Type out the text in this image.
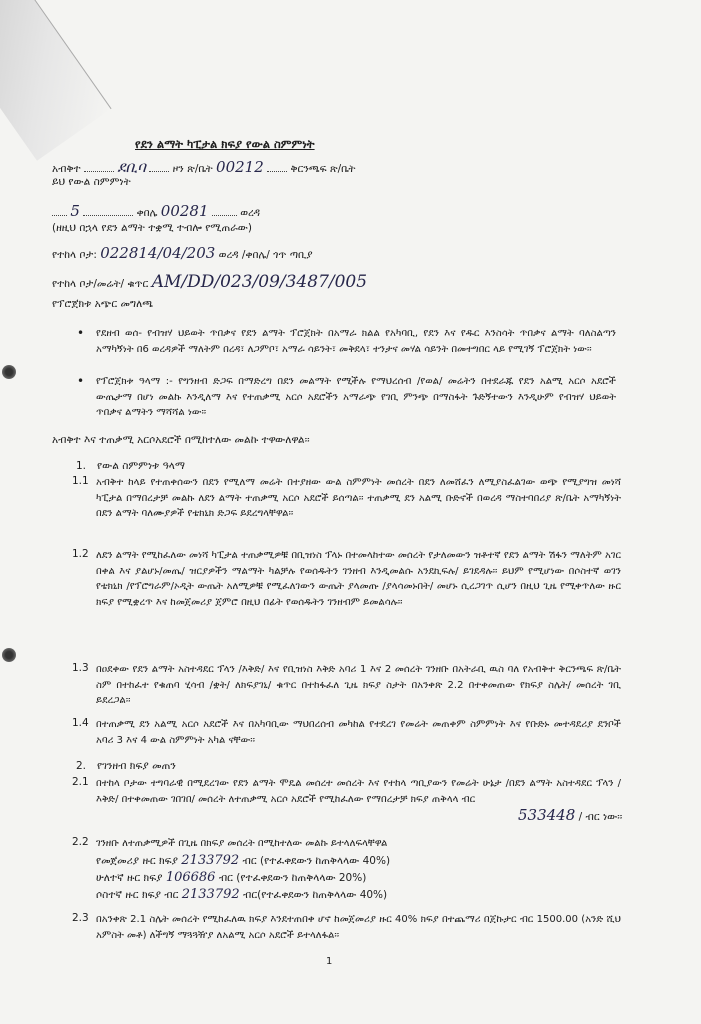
የደን ልማት ካፒታል ክፍያ የውል ስምምነት
አብቅተ ደቢባ	ዞን ጽ/ቤት 00212	ቅርንጫፍ ጽ/ቤት
ይህ የውል ስምምነት
5	ቀበሌ 00281	ወረዳ
(ዘዚህ በኋላ የደን ልማት ተቋሚ ተብሎ የሚጠራው)
የተከላ ቦታ: 022814/04/203 ወረዳ /ቀበሌ/ ጎጥ ጣቢያ
የተከላ ቦታ/መሬት/ ቁጥር AM/DD/023/09/3487/005
የፕሮጀክቱ አጭር መግለጫ
• የደዘብ ወሰ- የብዝሃ ህይወት ጥበቃና የደን ልማት ፕሮጀክት በአማራ ክልል የአካባቢ, የደን እና የዱር እንስሳት ጥበቃና ልማት ባለስልጣን አማካኝነት በ6 ወረዳዎች ማለትም በረዳ፣ ለጋምቦ፣ አማራ ሳይንት፣ መቅደላ፣ ተንታና መሃል ሳይንት በመተግበር ላይ የሚገኝ ፕሮጀክት ነው፡፡
• የፕሮጀክቱ ዓላማ :- የግንዘብ ድጋፍ በማድረግ በደን መልማት የሚችሉ የማህረሰብ /የወል/ መሬትን በተደራጁ የደን አልሚ አርሶ አደሮች ውጤታማ በሆነ መልኩ እንዲለማ እና የተጠቃሚ አርሶ አደሮችን አማራጭ የገቢ ምንጭ በማስፋት ጉድኝተውን እንዲሁም የብዝሃ ህይወት ጥበቃና ልማትን ማሻሻል ነው፡፡
አብቅተ እና ተጠቃሚ አርሶአደሮች በሚከተለው መልኩ ተዋውለዋል፡፡
1. የውል ስምምነቱ ዓላማ
1.1 አብቅተ ከላይ የተጠቀሰውን በደን የሚለማ መሬት በተያዘው ውል ስምምነት መሰረት በደን ለመሸፈን ለሚያስፈልገው ወጭ የሚያግዝ መነሻ ካፒታል በማበረታቻ መልኩ ለደን ልማት ተጠቃሚ አርሶ አደሮች ይሰጣል፡፡ ተጠቃሚ ደን አልሚ ቡድኖች በወረዳ ማስተባበሪያ ጽ/ቤት አማካኝነት በደን ልማት ባለሙያዎች የቴክኒክ ድጋፍ ይደረግላቸዋል፡፡
1.2 ለደን ልማት የሚከፈለው መነሻ ካፒታል ተጠቃሚዎቹ በቢዝነስ ፕላኑ በተመላከተው መሰረት የታለመውን ዝቶተኛ የደን ልማት ሽፋን ማለትም አገር በቀል እና ያልሆኑ/መጤ/ ዝርያዎችን ማልማት ካልቻሉ የወሰዱትን ገንዘብ እንዲመልሱ አንደኪፍሉ/ ይገደዳሉ፡፡ ይህም የሚሆነው በሶስተኛ ወገን የቴክኒክ /የፕሮግራም/ኦዲት ውጤት አለሚዎቹ የሚፈለገውን ውጤት ያላመጡ /ያላሳመኑበት/ መሆኑ ሲረጋገጥ ሲሆን በዚህ ጊዜ የሚቀጥለው ዙር ክፍያ የሚቋረጥ እና ከመጀመሪያ ጀምሮ በዚህ በፊት የወሰዱትን ገንዘብም ይመልሳሉ፡፡
1.3 በዐደቀው የደን ልማት አስተዳደር ፕላን /እቅድ/ እና የቢዝነስ እቅድ አባሪ 1 እና 2 መሰረት ገንዘቡ በአትራቢ ዉስ ባለ የአብቅተ ቅርንጫፍ ጽ/ቤት ስም በተከፈተ የቁጠባ ሂሳብ /ቋት/ ለክፍያገኒ/ ቁጥር በተከፋፈለ ጊዜ ክፍያ ስታት በአንቀጽ 2.2 በተቀመጠው የክፍያ ስሌት/ መሰረት ገቢ ይደረጋል፡፡
1.4 በተጠቃሚ ደን አልሚ አርሶ አደሮች እና በአካባቢው ማህበረሰብ መካከል የተደረገ የመሬት መጠቀም ስምምነት እና የቡድኑ መተዳደሪያ ደንቦች አባሪ 3 እና 4 ውል ስምምነት አካል ናቸው፡፡
2. የገንዘብ ክፍያ መጠን
2.1 በተከላ ቦታው ተግባራዊ በሚደረገው የደን ልማት ሞዴል መሰረተ መሰረት እና የተከላ ጣቢያውን የመሬት ሁኔታ /በደን ልማት አስተዳደር ፕላን /እቅድ/ በተቀመጠው ገበገበ/ መሰረት ለተጠቃሚ አርሶ አደሮች የሚከፈለው የማበረታቻ ክፍያ ጠቅላላ ብር
533448 / ብር ነው፡፡
2.2 ገንዘቡ ለተጠቃሚዎች በጊዜ በክፍያ መሰረት በሚከተለው መልኩ ይተላለፍላቸዋል
የመጀመሪያ ዙር ክፍያ 2133792 ብር (የተፈቀደውን ከጠቅላላው 40%)
ሁለተኛ ዙር ክፍያ 106686 ብር (የተፈቀደውን ከጠቅላላው 20%)
ሶስተኛ ዙር ክፍያ ብር 2133792 ብር(የተፈቀደውን ከጠቅላላው 40%)
2.3 በአንቀጽ 2.1 ስሌት መሰረት የሚከፈለዉ ክፍያ እንደተጠበቀ ሆኖ ከመጀመሪያ ዙር 40% ክፍያ በተጨማሪ በጀኩታር ብር 1500.00 (አንድ ሺህ አምስት መቶ) ለችግኝ ማጓጓዥያ ለአልሚ አርሶ አደሮች ይተላለፋል፡፡
1
